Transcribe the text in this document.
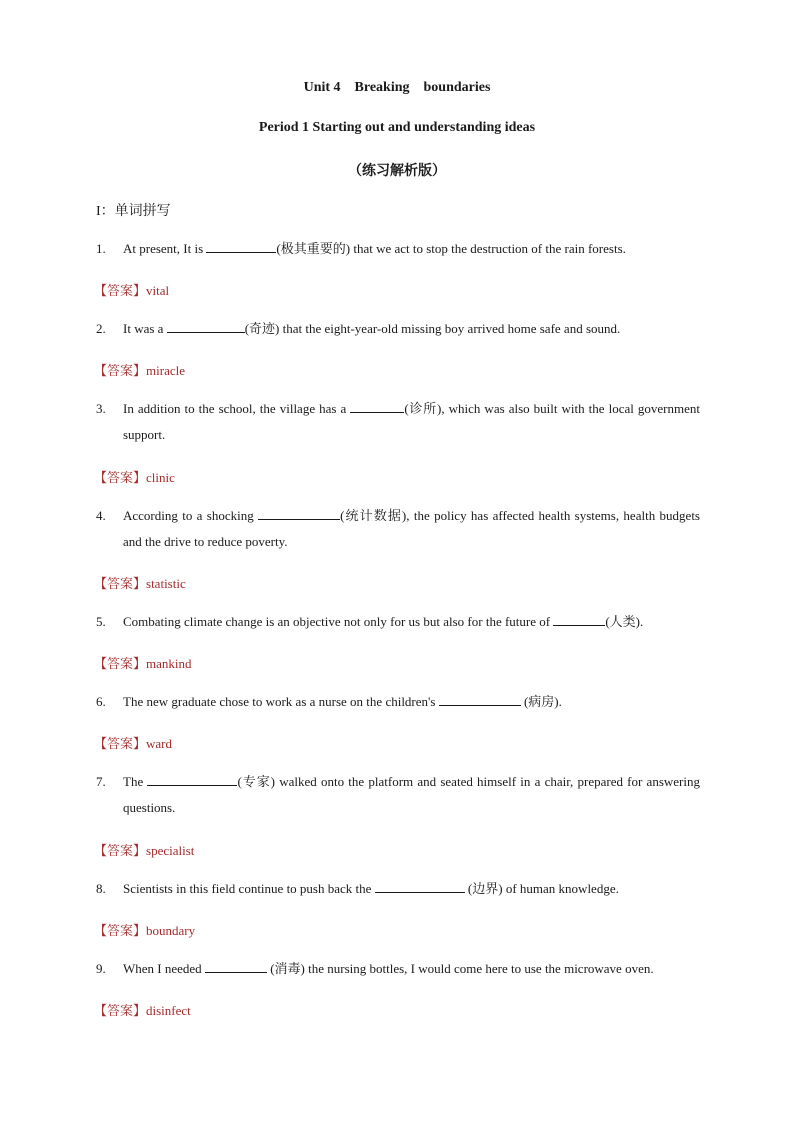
Unit 4 Breaking    boundaries
Period 1 Starting out and understanding ideas
（练习解析版）
I：单词拼写
1. At present, It is	(极其重要的) that we act to stop the destruction of the rain forests.
【答案】vital
2. It was a	(奇迹) that the eight-year-old missing boy arrived home safe and sound.
【答案】miracle
3. In addition to the school, the village has a	(诊所), which was also built with the local government support.
【答案】clinic
4. According to a shocking	(统计数据), the policy has affected health systems, health budgets and the drive to reduce poverty.
【答案】statistic
5. Combating climate change is an objective not only for us but also for the future of	(人类).
【答案】mankind
6. The new graduate chose to work as a nurse on the children's	(病房).
【答案】ward
7. The	(专家) walked onto the platform and seated himself in a chair, prepared for answering questions.
【答案】specialist
8. Scientists in this field continue to push back the	(边界) of human knowledge.
【答案】boundary
9. When I needed	(消毒) the nursing bottles, I would come here to use the microwave oven.
【答案】disinfect
